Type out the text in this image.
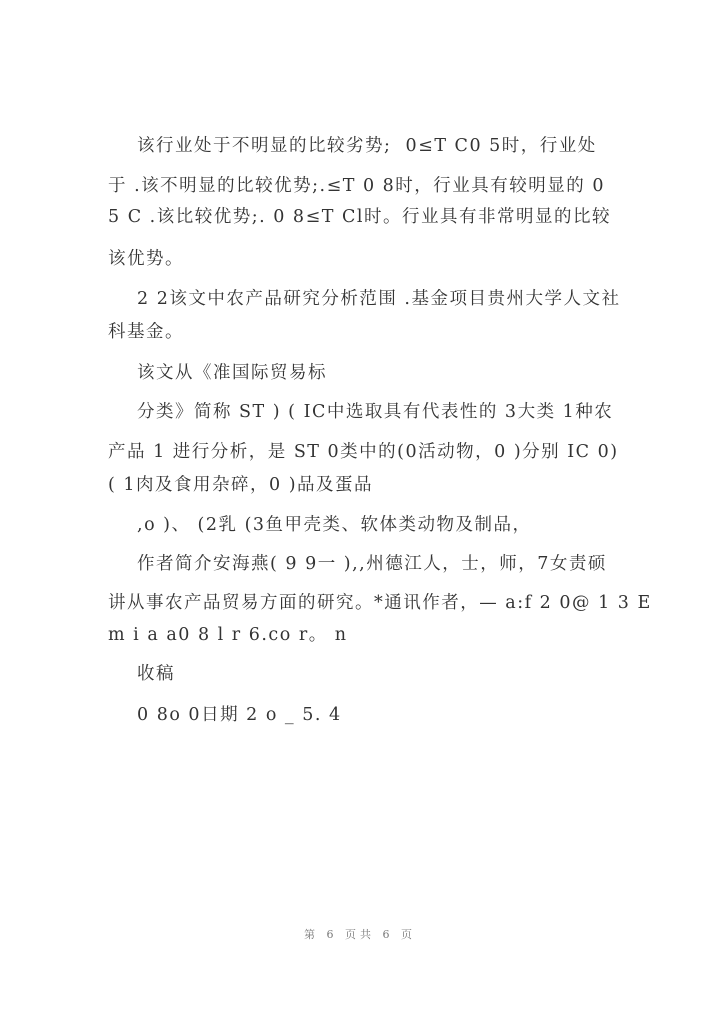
该行业处于不明显的比较劣势;  0≤T C0 5时，行业处
于 .该不明显的比较优势;.≤T 0 8时，行业具有较明显的 0
5 C .该比较优势;. 0 8≤T Cl时。行业具有非常明显的比较
该优势。
2 2该文中农产品研究分析范围 .基金项目贵州大学人文社
科基金。
该文从《准国际贸易标
分类》简称 ST ) ( IC中选取具有代表性的 3大类 1种农
产品 1 进行分析，是 ST 0类中的(0活动物，0 )分别 IC 0)
( 1肉及食用杂碎，0 )品及蛋品
,o )、 (2乳 (3鱼甲壳类、软体类动物及制品，
作者简介安海燕( 9 9一 ),,州德江人，士，师，7女责硕
讲从事农产品贸易方面的研究。*通讯作者，— a:f 2 0@ 1 3 E
m i a a0 8 l r 6.co r。 n
收稿
0 8o 0日期 2 o _ 5. 4
第 6 页共 6 页
